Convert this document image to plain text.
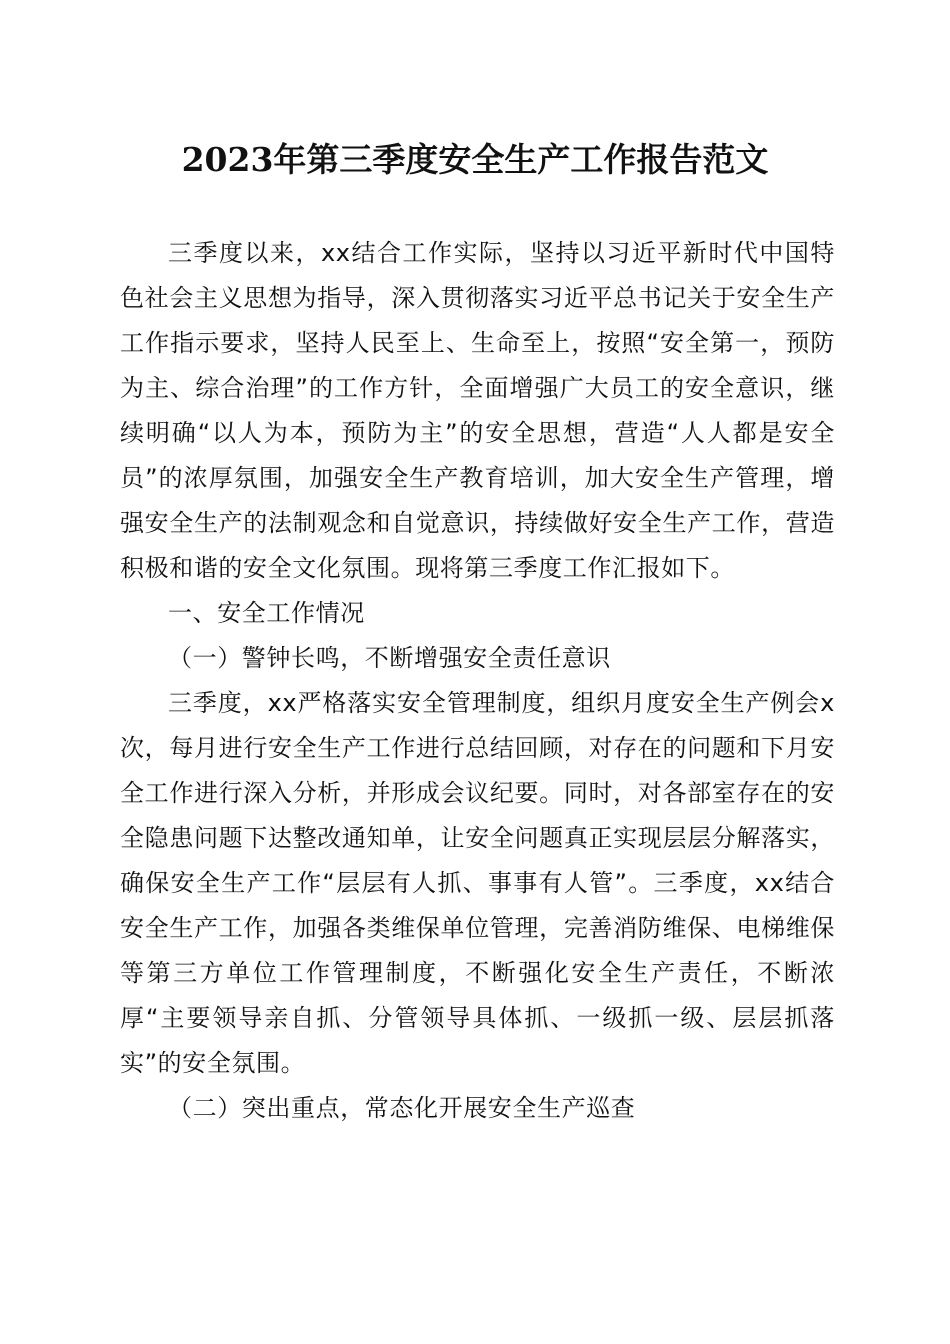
2023年第三季度安全生产工作报告范文

三季度以来，xx结合工作实际，坚持以习近平新时代中国特色社会主义思想为指导，深入贯彻落实习近平总书记关于安全生产工作指示要求，坚持人民至上、生命至上，按照“安全第一，预防为主、综合治理”的工作方针，全面增强广大员工的安全意识，继续明确“以人为本，预防为主”的安全思想，营造“人人都是安全员”的浓厚氛围，加强安全生产教育培训，加大安全生产管理，增强安全生产的法制观念和自觉意识，持续做好安全生产工作，营造积极和谐的安全文化氛围。现将第三季度工作汇报如下。

一、安全工作情况

（一）警钟长鸣，不断增强安全责任意识

三季度，xx严格落实安全管理制度，组织月度安全生产例会x次，每月进行安全生产工作进行总结回顾，对存在的问题和下月安全工作进行深入分析，并形成会议纪要。同时，对各部室存在的安全隐患问题下达整改通知单，让安全问题真正实现层层分解落实，确保安全生产工作“层层有人抓、事事有人管”。三季度，xx结合安全生产工作，加强各类维保单位管理，完善消防维保、电梯维保等第三方单位工作管理制度，不断强化安全生产责任，不断浓厚“主要领导亲自抓、分管领导具体抓、一级抓一级、层层抓落实”的安全氛围。

（二）突出重点，常态化开展安全生产巡查
